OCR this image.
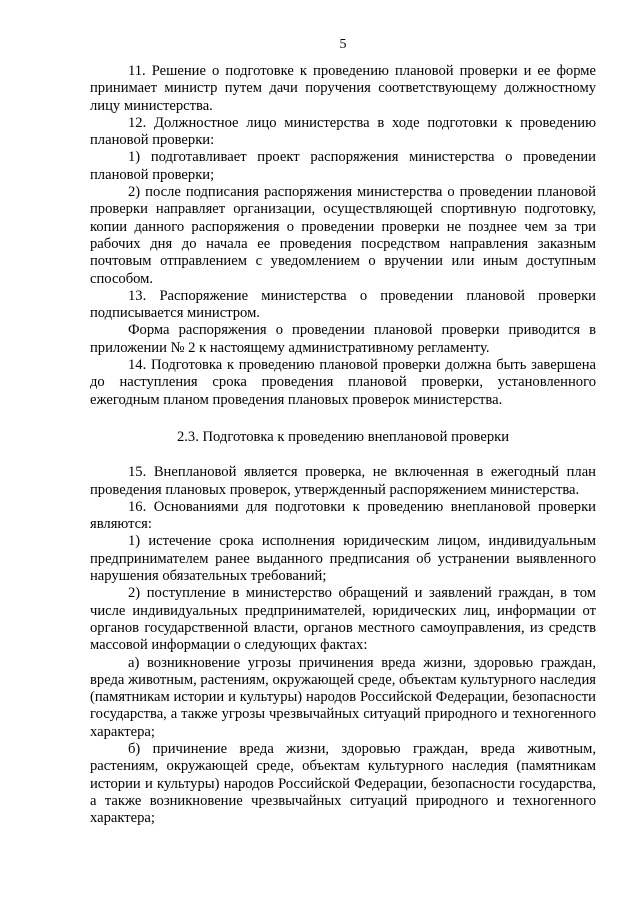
5

11. Решение о подготовке к проведению плановой проверки и ее форме принимает министр путем дачи поручения соответствующему должностному лицу министерства.

12. Должностное лицо министерства в ходе подготовки к проведению плановой проверки:

1) подготавливает проект распоряжения министерства о проведении плановой проверки;

2) после подписания распоряжения министерства о проведении плановой проверки направляет организации, осуществляющей спортивную подготовку, копии данного распоряжения о проведении проверки не позднее чем за три рабочих дня до начала ее проведения посредством направления заказным почтовым отправлением с уведомлением о вручении или иным доступным способом.

13. Распоряжение министерства о проведении плановой проверки подписывается министром.

Форма распоряжения о проведении плановой проверки приводится в приложении № 2 к настоящему административному регламенту.

14. Подготовка к проведению плановой проверки должна быть завершена до наступления срока проведения плановой проверки, установленного ежегодным планом проведения плановых проверок министерства.

2.3. Подготовка к проведению внеплановой проверки

15. Внеплановой является проверка, не включенная в ежегодный план проведения плановых проверок, утвержденный распоряжением министерства.

16. Основаниями для подготовки к проведению внеплановой проверки являются:

1) истечение срока исполнения юридическим лицом, индивидуальным предпринимателем ранее выданного предписания об устранении выявленного нарушения обязательных требований;

2) поступление в министерство обращений и заявлений граждан, в том числе индивидуальных предпринимателей, юридических лиц, информации от органов государственной власти, органов местного самоуправления, из средств массовой информации о следующих фактах:

а) возникновение угрозы причинения вреда жизни, здоровью граждан, вреда животным, растениям, окружающей среде, объектам культурного наследия (памятникам истории и культуры) народов Российской Федерации, безопасности государства, а также угрозы чрезвычайных ситуаций природного и техногенного характера;

б) причинение вреда жизни, здоровью граждан, вреда животным, растениям, окружающей среде, объектам культурного наследия (памятникам истории и культуры) народов Российской Федерации, безопасности государства, а также возникновение чрезвычайных ситуаций природного и техногенного характера;
